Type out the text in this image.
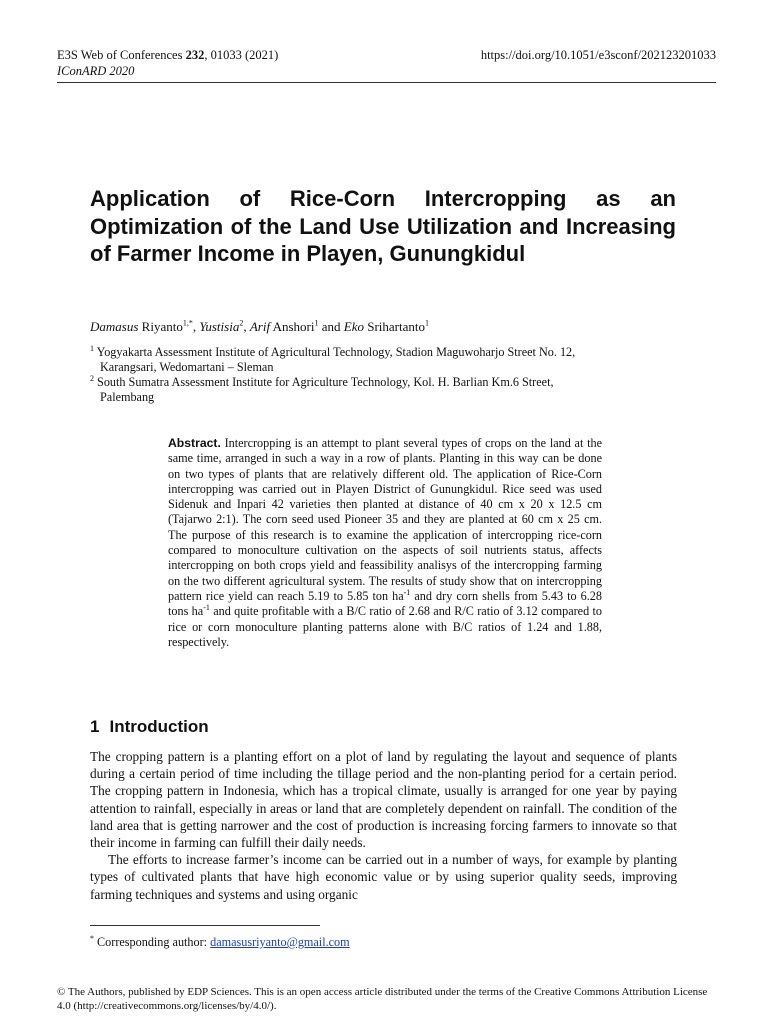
E3S Web of Conferences 232, 01033 (2021)
IConARD 2020
https://doi.org/10.1051/e3sconf/202123201033
Application of Rice-Corn Intercropping as an Optimization of the Land Use Utilization and Increasing of Farmer Income in Playen, Gunungkidul
Damasus Riyanto$^{1,*}$, Yustisia$^2$, Arif Anshori$^1$ and Eko Srihartanto$^1$
$^1$ Yogyakarta Assessment Institute of Agricultural Technology, Stadion Maguwoharjo Street No. 12,
Karangsari, Wedomartani – Sleman
$^2$ South Sumatra Assessment Institute for Agriculture Technology, Kol. H. Barlian Km.6 Street,
Palembang
Abstract. Intercropping is an attempt to plant several types of crops on the land at the same time, arranged in such a way in a row of plants. Planting in this way can be done on two types of plants that are relatively different old. The application of Rice-Corn intercropping was carried out in Playen District of Gunungkidul. Rice seed was used Sidenuk and Inpari 42 varieties then planted at distance of 40 cm x 20 x 12.5 cm (Tajarwo 2:1). The corn seed used Pioneer 35 and they are planted at 60 cm x 25 cm. The purpose of this research is to examine the application of intercropping rice-corn compared to monoculture cultivation on the aspects of soil nutrients status, affects intercropping on both crops yield and feassibility analisys of the intercropping farming on the two different agricultural system. The results of study show that on intercropping pattern rice yield can reach 5.19 to 5.85 ton $ha^{-1}$ and dry corn shells from 5.43 to 6.28 tons $ha^{-1}$ and quite profitable with a B/C ratio of 2.68 and R/C ratio of 3.12 compared to rice or corn monoculture planting patterns alone with B/C ratios of 1.24 and 1.88, respectively.
1 Introduction

The cropping pattern is a planting effort on a plot of land by regulating the layout and sequence of plants during a certain period of time including the tillage period and the non-planting period for a certain period. The cropping pattern in Indonesia, which has a tropical climate, usually is arranged for one year by paying attention to rainfall, especially in areas or land that are completely dependent on rainfall. The condition of the land area that is getting narrower and the cost of production is increasing forcing farmers to innovate so that their income in farming can fulfill their daily needs.

The efforts to increase farmer’s income can be carried out in a number of ways, for example by planting types of cultivated plants that have high economic value or by using superior quality seeds, improving farming techniques and systems and using organic

* Corresponding author: damasusriyanto@gmail.com
© The Authors, published by EDP Sciences. This is an open access article distributed under the terms of the Creative Commons Attribution License 4.0 (http://creativecommons.org/licenses/by/4.0/).
